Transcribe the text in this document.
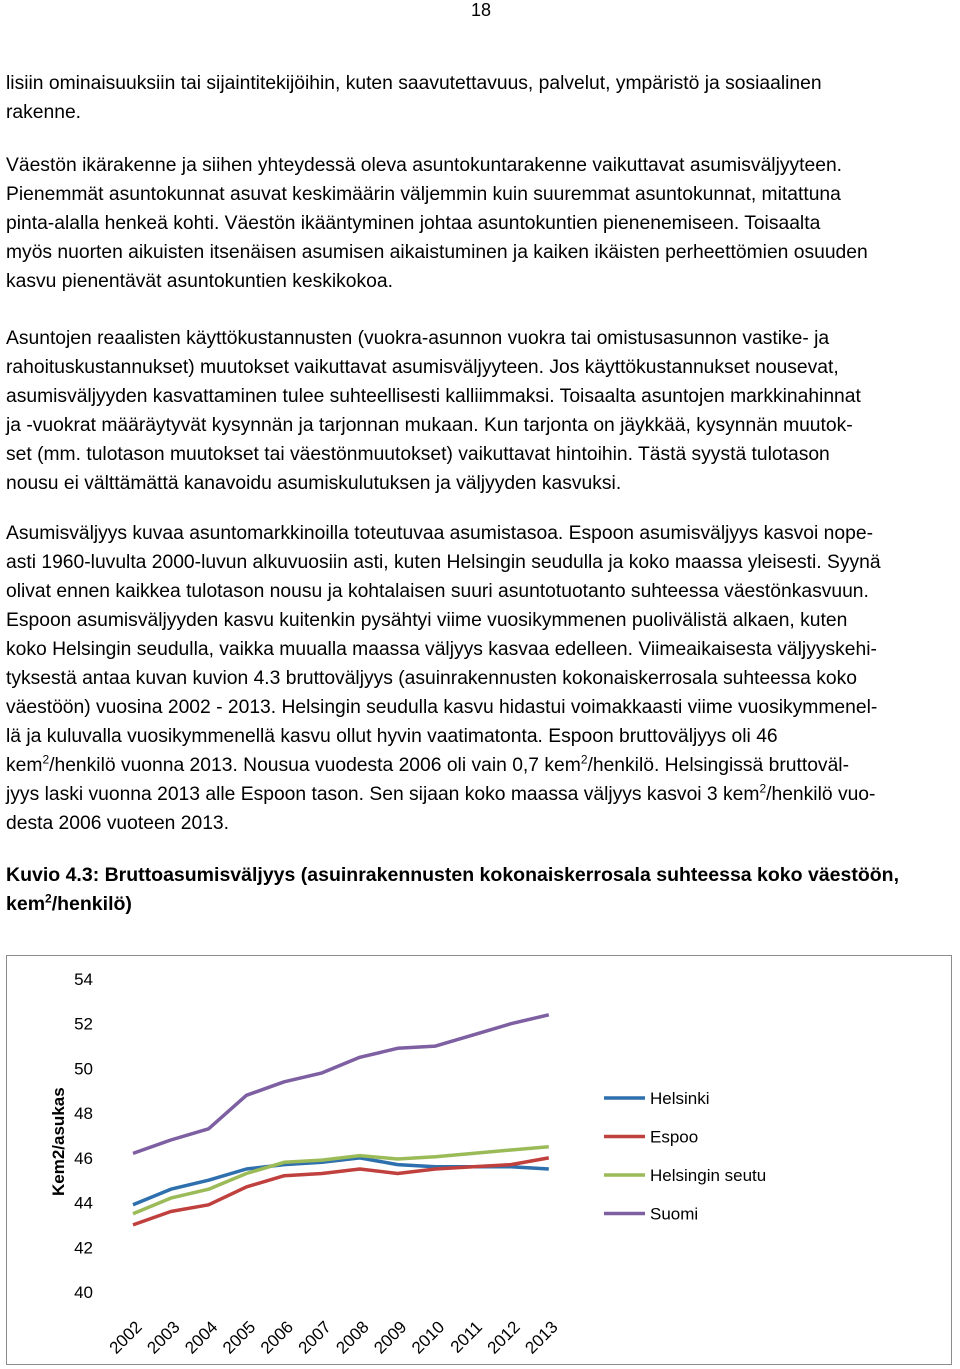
18
lisiin ominaisuuksiin tai sijaintitekijöihin, kuten saavutettavuus, palvelut, ympäristö ja sosiaalinen
rakenne.
Väestön ikärakenne ja siihen yhteydessä oleva asuntokuntarakenne vaikuttavat asumisväljyyteen.
Pienemmät asuntokunnat asuvat keskimäärin väljemmin kuin suuremmat asuntokunnat, mitattuna
pinta-alalla henkeä kohti. Väestön ikääntyminen johtaa asuntokuntien pienenemiseen. Toisaalta
myös nuorten aikuisten itsenäisen asumisen aikaistuminen ja kaiken ikäisten perheettömien osuuden
kasvu pienentävät asuntokuntien keskikokoa.
Asuntojen reaalisten käyttökustannusten (vuokra-asunnon vuokra tai omistusasunnon vastike- ja
rahoituskustannukset) muutokset vaikuttavat asumisväljyyteen. Jos käyttökustannukset nousevat,
asumisväljyyden kasvattaminen tulee suhteellisesti kalliimmaksi. Toisaalta asuntojen markkinahinnat
ja -vuokrat määräytyvät kysynnän ja tarjonnan mukaan. Kun tarjonta on jäykkää, kysynnän muutok-
set (mm. tulotason muutokset tai väestönmuutokset) vaikuttavat hintoihin. Tästä syystä tulotason
nousu ei välttämättä kanavoidu asumiskulutuksen ja väljyyden kasvuksi.
Asumisväljyys kuvaa asuntomarkkinoilla toteutuvaa asumistasoa. Espoon asumisväljyys kasvoi nope-
asti 1960-luvulta 2000-luvun alkuvuosiin asti, kuten Helsingin seudulla ja koko maassa yleisesti. Syynä
olivat ennen kaikkea tulotason nousu ja kohtalaisen suuri asuntotuotanto suhteessa väestönkasvuun.
Espoon asumisväljyyden kasvu kuitenkin pysähtyi viime vuosikymmenen puolivälistä alkaen, kuten
koko Helsingin seudulla, vaikka muualla maassa väljyys kasvaa edelleen. Viimeaikaisesta väljyyskehi-
tyksestä antaa kuvan kuvion 4.3 bruttoväljyys (asuinrakennusten kokonaiskerrosala suhteessa koko
väestöön) vuosina 2002 - 2013. Helsingin seudulla kasvu hidastui voimakkaasti viime vuosikymmenel-
lä ja kuluvalla vuosikymmenellä kasvu ollut hyvin vaatimatonta. Espoon bruttoväljyys oli 46
kem$^2$/henkilö vuonna 2013. Nousua vuodesta 2006 oli vain 0,7 kem$^2$/henkilö. Helsingissä bruttoväl-
jyys laski vuonna 2013 alle Espoon tason. Sen sijaan koko maassa väljyys kasvoi 3 kem$^2$/henkilö vuo-
desta 2006 vuoteen 2013.
Kuvio 4.3: Bruttoasumisväljyys (asuinrakennusten kokonaiskerrosala suhteessa koko väestöön,
kem$^2$/henkilö)
Kem2/asukas
40
42
44
46
48
50
52
54
2002
2003
2004
2005
2006
2007
2008
2009
2010
2011
2012
2013
Helsinki
Espoo
Helsingin seutu
Suomi
